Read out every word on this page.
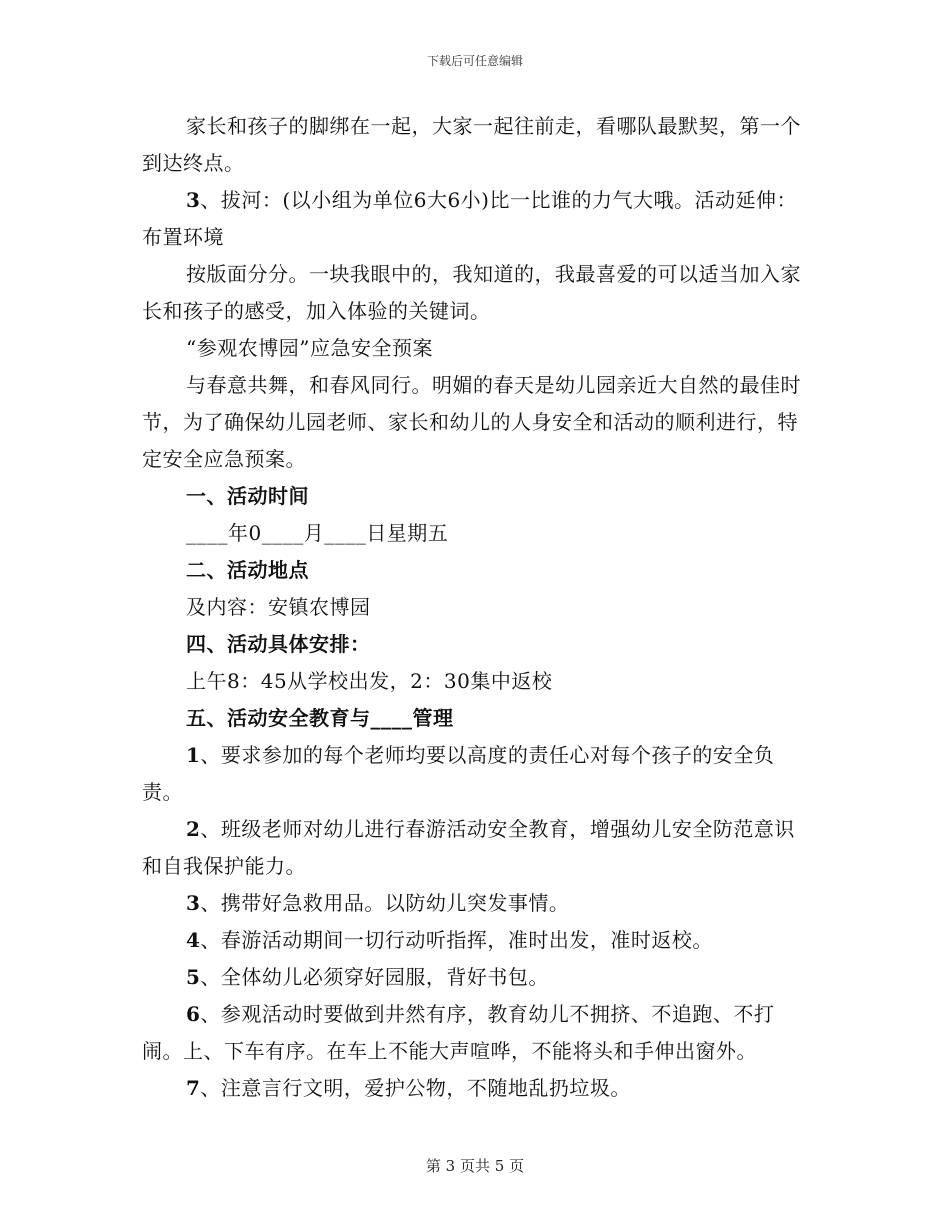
下载后可任意编辑

家长和孩子的脚绑在一起，大家一起往前走，看哪队最默契，第一个到达终点。

3、拔河：(以小组为单位6大6小)比一比谁的力气大哦。活动延伸：布置环境

按版面分分。一块我眼中的，我知道的，我最喜爱的可以适当加入家长和孩子的感受，加入体验的关键词。

“参观农博园”应急安全预案

与春意共舞，和春风同行。明媚的春天是幼儿园亲近大自然的最佳时节，为了确保幼儿园老师、家长和幼儿的人身安全和活动的顺利进行，特定安全应急预案。

一、活动时间

____年0____月____日星期五

二、活动地点

及内容：安镇农博园

四、活动具体安排：

上午8：45从学校出发，2：30集中返校

五、活动安全教育与____管理

1、要求参加的每个老师均要以高度的责任心对每个孩子的安全负责。

2、班级老师对幼儿进行春游活动安全教育，增强幼儿安全防范意识和自我保护能力。

3、携带好急救用品。以防幼儿突发事情。

4、春游活动期间一切行动听指挥，准时出发，准时返校。

5、全体幼儿必须穿好园服，背好书包。

6、参观活动时要做到井然有序，教育幼儿不拥挤、不追跑、不打闹。上、下车有序。在车上不能大声喧哗，不能将头和手伸出窗外。

7、注意言行文明，爱护公物，不随地乱扔垃圾。

第 3 页共 5 页
